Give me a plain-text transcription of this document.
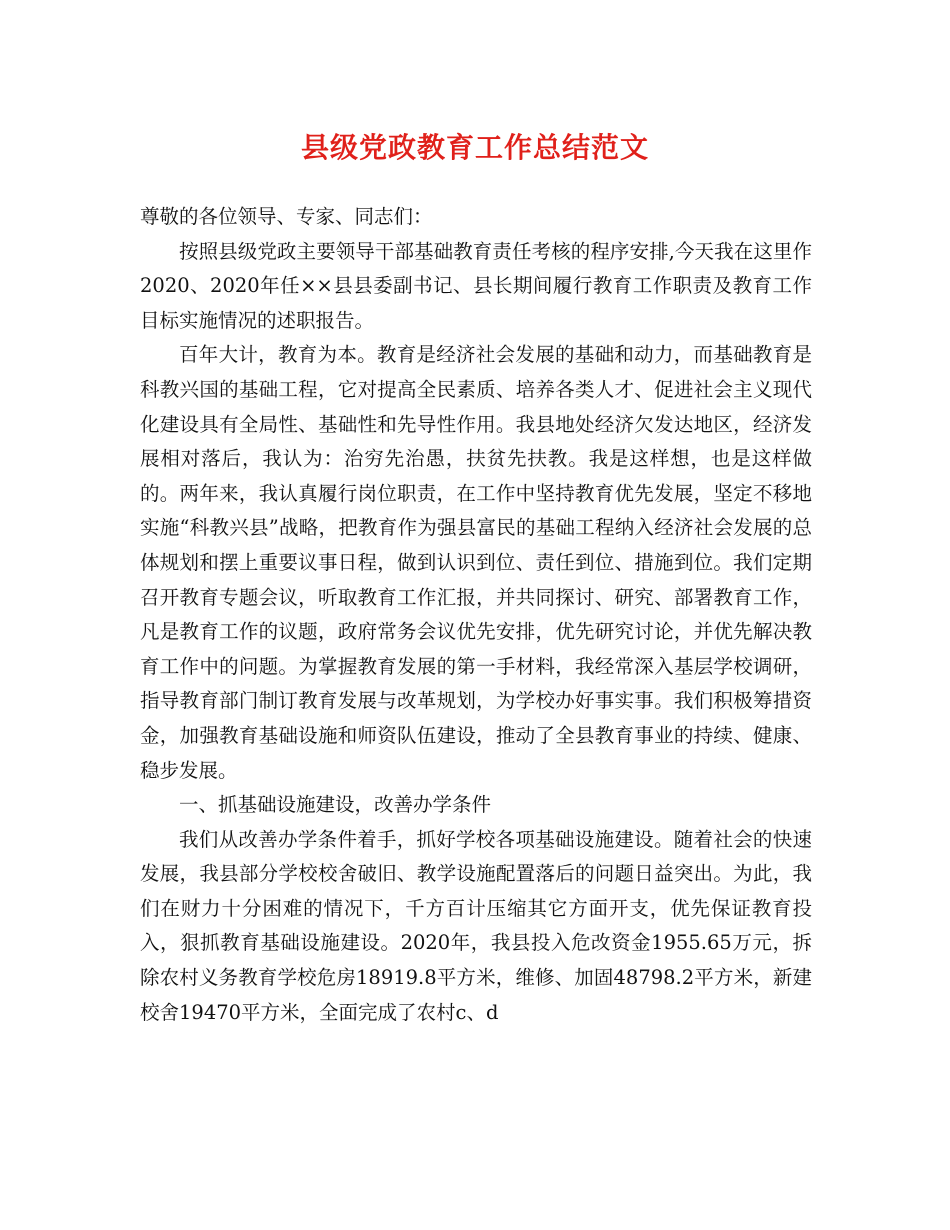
县级党政教育工作总结范文

尊敬的各位领导、专家、同志们：

按照县级党政主要领导干部基础教育责任考核的程序安排,今天我在这里作2020、2020年任××县县委副书记、县长期间履行教育工作职责及教育工作目标实施情况的述职报告。

百年大计，教育为本。教育是经济社会发展的基础和动力，而基础教育是科教兴国的基础工程，它对提高全民素质、培养各类人才、促进社会主义现代化建设具有全局性、基础性和先导性作用。我县地处经济欠发达地区，经济发展相对落后，我认为：治穷先治愚，扶贫先扶教。我是这样想，也是这样做的。两年来，我认真履行岗位职责，在工作中坚持教育优先发展，坚定不移地实施“科教兴县”战略，把教育作为强县富民的基础工程纳入经济社会发展的总体规划和摆上重要议事日程，做到认识到位、责任到位、措施到位。我们定期召开教育专题会议，听取教育工作汇报，并共同探讨、研究、部署教育工作，凡是教育工作的议题，政府常务会议优先安排，优先研究讨论，并优先解决教育工作中的问题。为掌握教育发展的第一手材料，我经常深入基层学校调研，指导教育部门制订教育发展与改革规划，为学校办好事实事。我们积极筹措资金，加强教育基础设施和师资队伍建设，推动了全县教育事业的持续、健康、稳步发展。

一、抓基础设施建设，改善办学条件

我们从改善办学条件着手，抓好学校各项基础设施建设。随着社会的快速发展，我县部分学校校舍破旧、教学设施配置落后的问题日益突出。为此，我们在财力十分困难的情况下，千方百计压缩其它方面开支，优先保证教育投入，狠抓教育基础设施建设。2020年，我县投入危改资金1955.65万元，拆除农村义务教育学校危房18919.8平方米，维修、加固48798.2平方米，新建校舍19470平方米，全面完成了农村c、d
